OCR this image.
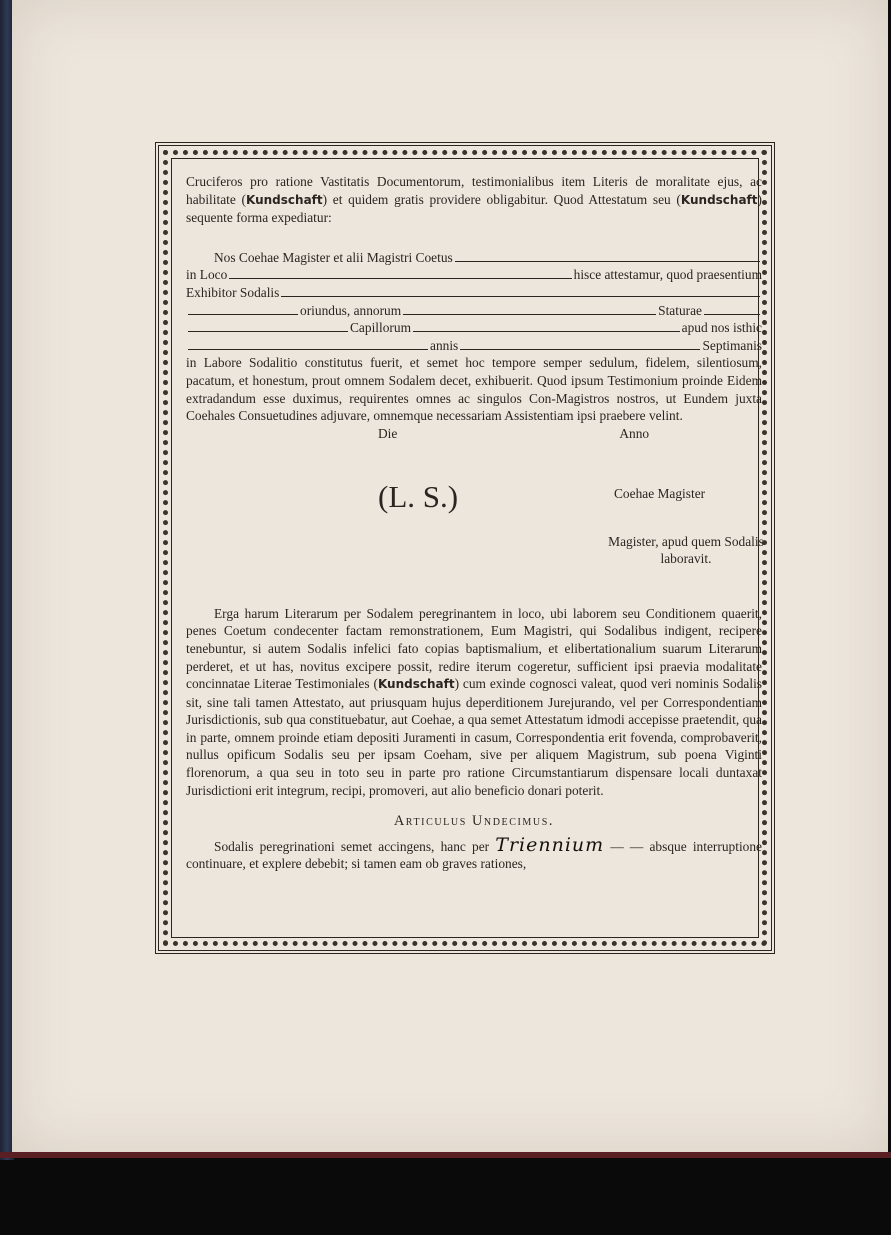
Cruciferos pro ratione Vastitatis Documentorum, testimonialibus item Literis de moralitate ejus, ac habilitate (Kundschaft) et quidem gratis providere obligabitur. Quod Attestatum seu (Kundschaft) sequente forma expediatur:

Nos Coehae Magister et alii Magistri Coetus
in Loco	hisce attestamur, quod praesentium
Exhibitor Sodalis
oriundus, annorum	Staturae
Capillorum	apud nos isthic
annis	Septimanis

in Labore Sodalitio constitutus fuerit, et semet hoc tempore semper sedulum, fidelem, silentiosum, pacatum, et honestum, prout omnem Sodalem decet, exhibuerit. Quod ipsum Testimonium proinde Eidem extradandum esse duximus, requirentes omnes ac singulos Con-Magistros nostros, ut Eundem juxta Coehales Consuetudines adjuvare, omnemque necessariam Assistentiam ipsi praebere velint.

Die	Anno
(L. S.)	Coehae Magister
Magister, apud quem Sodalis
laboravit.

Erga harum Literarum per Sodalem peregrinantem in loco, ubi laborem seu Conditionem quaerit, penes Coetum condecenter factam remonstrationem, Eum Magistri, qui Sodalibus indigent, recipere tenebuntur, si autem Sodalis infelici fato copias baptismalium, et elibertationalium suarum Literarum perderet, et ut has, novitus excipere possit, redire iterum cogeretur, sufficient ipsi praevia modalitate concinnatae Literae Testimoniales (Kundschaft) cum exinde cognosci valeat, quod veri nominis Sodalis sit, sine tali tamen Attestato, aut priusquam hujus deperditionem Jurejurando, vel per Correspondentiam Jurisdictionis, sub qua constituebatur, aut Coehae, a qua semet Attestatum idmodi accepisse praetendit, qua in parte, omnem proinde etiam depositi Juramenti in casum, Correspondentia erit fovenda, comprobaverit, nullus opificum Sodalis seu per ipsam Coeham, sive per aliquem Magistrum, sub poena Viginti florenorum, a qua seu in toto seu in parte pro ratione Circumstantiarum dispensare locali duntaxat Jurisdictioni erit integrum, recipi, promoveri, aut alio beneficio donari poterit.

Articulus Undecimus.

Sodalis peregrinationi semet accingens, hanc per Triennium — — absque interruptione continuare, et explere debebit; si tamen eam ob graves rationes,
